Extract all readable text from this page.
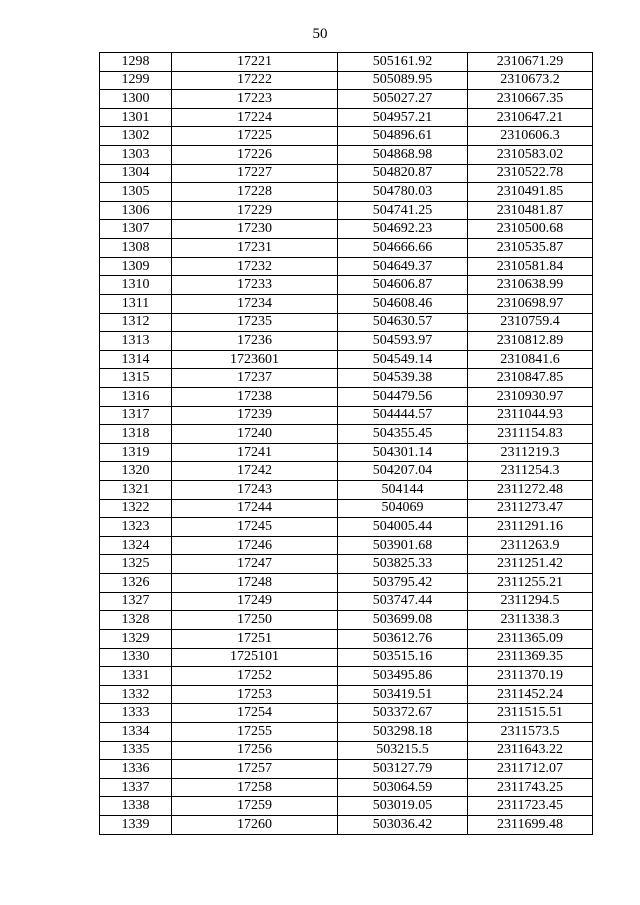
50
1298	17221	505161.92	2310671.29
1299	17222	505089.95	2310673.2
1300	17223	505027.27	2310667.35
1301	17224	504957.21	2310647.21
1302	17225	504896.61	2310606.3
1303	17226	504868.98	2310583.02
1304	17227	504820.87	2310522.78
1305	17228	504780.03	2310491.85
1306	17229	504741.25	2310481.87
1307	17230	504692.23	2310500.68
1308	17231	504666.66	2310535.87
1309	17232	504649.37	2310581.84
1310	17233	504606.87	2310638.99
1311	17234	504608.46	2310698.97
1312	17235	504630.57	2310759.4
1313	17236	504593.97	2310812.89
1314	1723601	504549.14	2310841.6
1315	17237	504539.38	2310847.85
1316	17238	504479.56	2310930.97
1317	17239	504444.57	2311044.93
1318	17240	504355.45	2311154.83
1319	17241	504301.14	2311219.3
1320	17242	504207.04	2311254.3
1321	17243	504144	2311272.48
1322	17244	504069	2311273.47
1323	17245	504005.44	2311291.16
1324	17246	503901.68	2311263.9
1325	17247	503825.33	2311251.42
1326	17248	503795.42	2311255.21
1327	17249	503747.44	2311294.5
1328	17250	503699.08	2311338.3
1329	17251	503612.76	2311365.09
1330	1725101	503515.16	2311369.35
1331	17252	503495.86	2311370.19
1332	17253	503419.51	2311452.24
1333	17254	503372.67	2311515.51
1334	17255	503298.18	2311573.5
1335	17256	503215.5	2311643.22
1336	17257	503127.79	2311712.07
1337	17258	503064.59	2311743.25
1338	17259	503019.05	2311723.45
1339	17260	503036.42	2311699.48
